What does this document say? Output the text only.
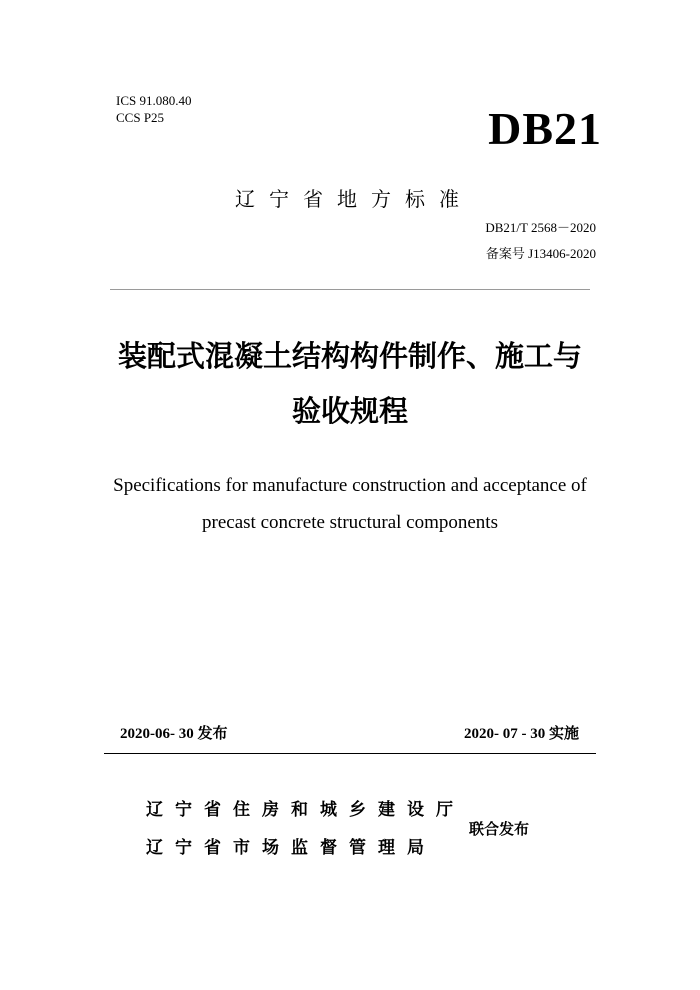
ICS 91.080.40
CCS P25	DB21
辽宁省地方标准
DB21/T 2568－2020
备案号 J13406-2020
装配式混凝土结构构件制作、施工与
验收规程
Specifications for manufacture construction and acceptance of
precast concrete structural components
2020-06- 30 发布	2020- 07 - 30 实施
辽宁省住房和城乡建设厅
辽宁省市场监督管理局
联合发布
